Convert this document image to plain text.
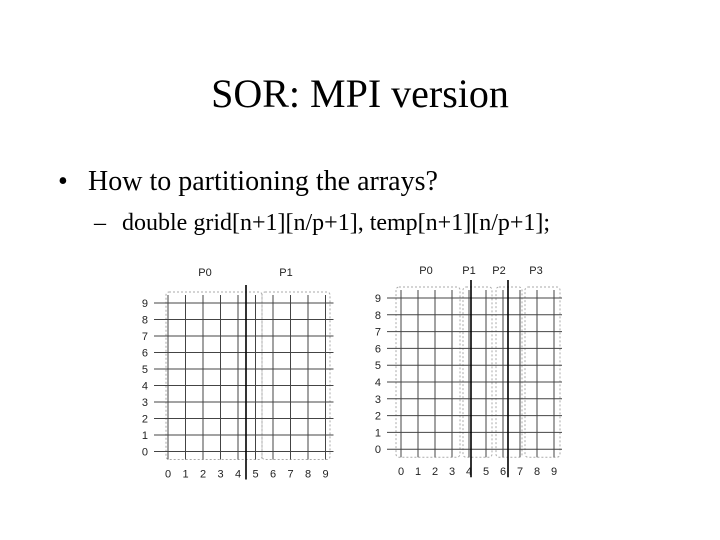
SOR: MPI version
• How to partitioning the arrays?
– double grid[n+1][n/p+1], temp[n+1][n/p+1];
9
8
7
6
5
4
3
2
1
0
0 1 2 3 4 5 6 7 8 9
P0	P1
9
8
7
6
5
4
3
2
1
0
0 1 2 3 4 5 6 7 8 9
P0	P1 P2 P3
